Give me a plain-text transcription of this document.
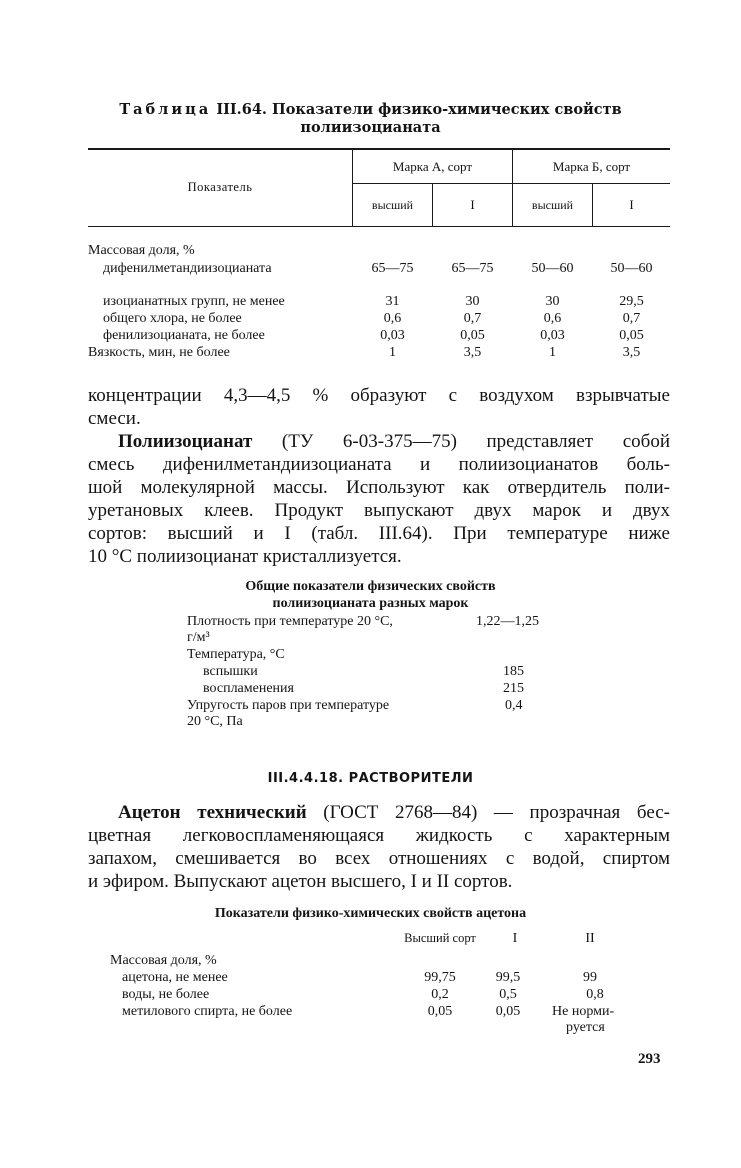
Таблица III.64. Показатели физико-химических свойств
полиизоцианата
Показатель
Марка А, сорт	Марка Б, сорт
высший	I	высший	I
Массовая доля, %
дифенилметандиизоцианата	65—75	65—75	50—60	50—60
изоцианатных групп, не менее	31	30	30	29,5
общего хлора, не более	0,6	0,7	0,6	0,7
фенилизоцианата, не более	0,03	0,05	0,03	0,05
Вязкость, мин, не более	1	3,5	1	3,5
концентрации 4,3—4,5 % образуют с воздухом взрывчатые
смеси.
Полиизоцианат (ТУ 6-03-375—75) представляет собой
смесь дифенилметандиизоцианата и полиизоцианатов боль-
шой молекулярной массы. Используют как отвердитель поли-
уретановых клеев. Продукт выпускают двух марок и двух
сортов: высший и I (табл. III.64). При температуре ниже
10 °С полиизоцианат кристаллизуется.
Общие показатели физических свойств
полиизоцианата разных марок
Плотность при температуре 20 °С,	1,22—1,25
г/м³
Температура, °С
вспышки	185
воспламенения	215
Упругость паров при температуре	0,4
20 °С, Па
III.4.4.18. РАСТВОРИТЕЛИ
Ацетон технический (ГОСТ 2768—84) — прозрачная бес-
цветная легковоспламеняющаяся жидкость с характерным
запахом, смешивается во всех отношениях с водой, спиртом
и эфиром. Выпускают ацетон высшего, I и II сортов.
Показатели физико-химических свойств ацетона
Высший сорт	I	II
Массовая доля, %
ацетона, не менее	99,75	99,5	99
воды, не более	0,2	0,5	0,8
метилового спирта, не более	0,05	0,05	Не норми-
руется
293
